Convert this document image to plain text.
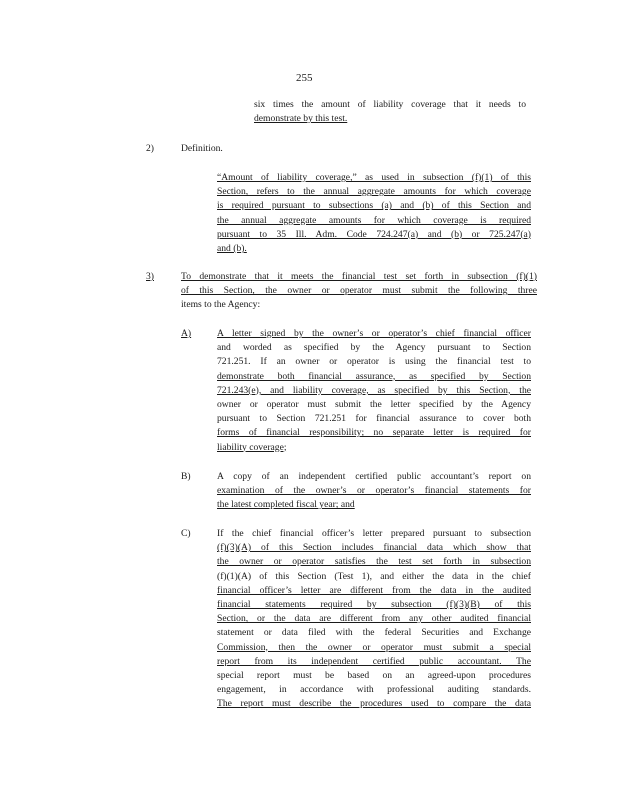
255
six times the amount of liability coverage that it needs to
demonstrate by this test.
2)	Definition.
“Amount of liability coverage,” as used in subsection (f)(1) of this
Section, refers to the annual aggregate amounts for which coverage
is required pursuant to subsections (a) and (b) of this Section and
the annual aggregate amounts for which coverage is required
pursuant to 35 Ill. Adm. Code 724.247(a) and (b) or 725.247(a)
and (b).
3)	To demonstrate that it meets the financial test set forth in subsection (f)(1)
of this Section, the owner or operator must submit the following three
items to the Agency:
A)	A letter signed by the owner’s or operator’s chief financial officer
and worded as specified by the Agency pursuant to Section
721.251. If an owner or operator is using the financial test to
demonstrate both financial assurance, as specified by Section
721.243(e), and liability coverage, as specified by this Section, the
owner or operator must submit the letter specified by the Agency
pursuant to Section 721.251 for financial assurance to cover both
forms of financial responsibility; no separate letter is required for
liability coverage;
B)	A copy of an independent certified public accountant’s report on
examination of the owner’s or operator’s financial statements for
the latest completed fiscal year; and
C)	If the chief financial officer’s letter prepared pursuant to subsection
(f)(3)(A) of this Section includes financial data which show that
the owner or operator satisfies the test set forth in subsection
(f)(1)(A) of this Section (Test 1), and either the data in the chief
financial officer’s letter are different from the data in the audited
financial statements required by subsection (f)(3)(B) of this
Section, or the data are different from any other audited financial
statement or data filed with the federal Securities and Exchange
Commission, then the owner or operator must submit a special
report from its independent certified public accountant. The
special report must be based on an agreed-upon procedures
engagement, in accordance with professional auditing standards.
The report must describe the procedures used to compare the data
